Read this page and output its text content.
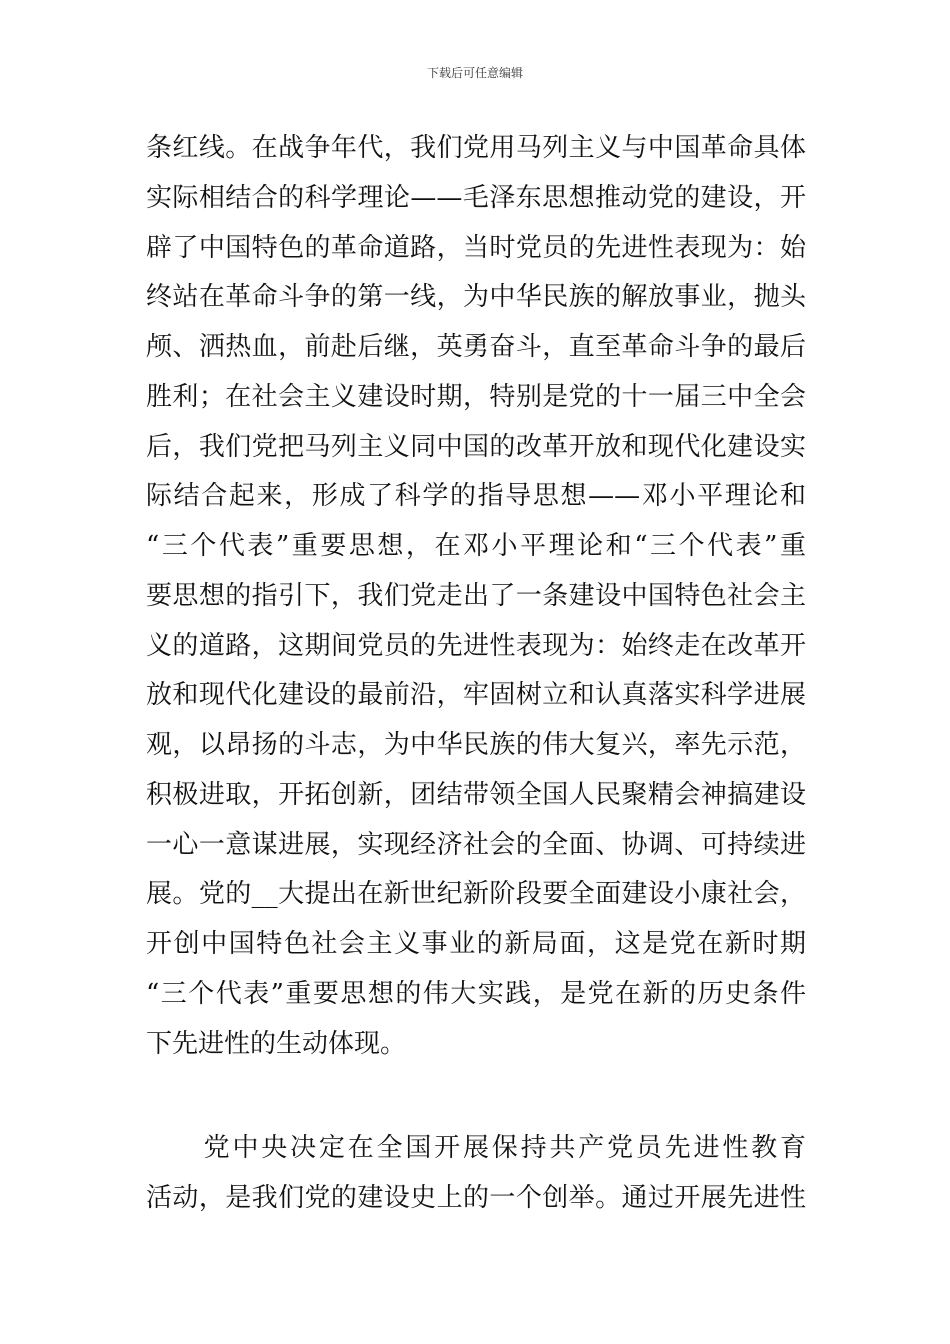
下载后可任意编辑
条红线。在战争年代，我们党用马列主义与中国革命具体
实际相结合的科学理论——毛泽东思想推动党的建设，开
辟了中国特色的革命道路，当时党员的先进性表现为：始
终站在革命斗争的第一线，为中华民族的解放事业，抛头
颅、洒热血，前赴后继，英勇奋斗，直至革命斗争的最后
胜利；在社会主义建设时期，特别是党的十一届三中全会
后，我们党把马列主义同中国的改革开放和现代化建设实
际结合起来，形成了科学的指导思想——邓小平理论和
“三个代表”重要思想，在邓小平理论和“三个代表”重
要思想的指引下，我们党走出了一条建设中国特色社会主
义的道路，这期间党员的先进性表现为：始终走在改革开
放和现代化建设的最前沿，牢固树立和认真落实科学进展
观，以昂扬的斗志，为中华民族的伟大复兴，率先示范，
积极进取，开拓创新，团结带领全国人民聚精会神搞建设
一心一意谋进展，实现经济社会的全面、协调、可持续进
展。党的__大提出在新世纪新阶段要全面建设小康社会，
开创中国特色社会主义事业的新局面，这是党在新时期
“三个代表”重要思想的伟大实践，是党在新的历史条件
下先进性的生动体现。
　　党中央决定在全国开展保持共产党员先进性教育
活动，是我们党的建设史上的一个创举。通过开展先进性
